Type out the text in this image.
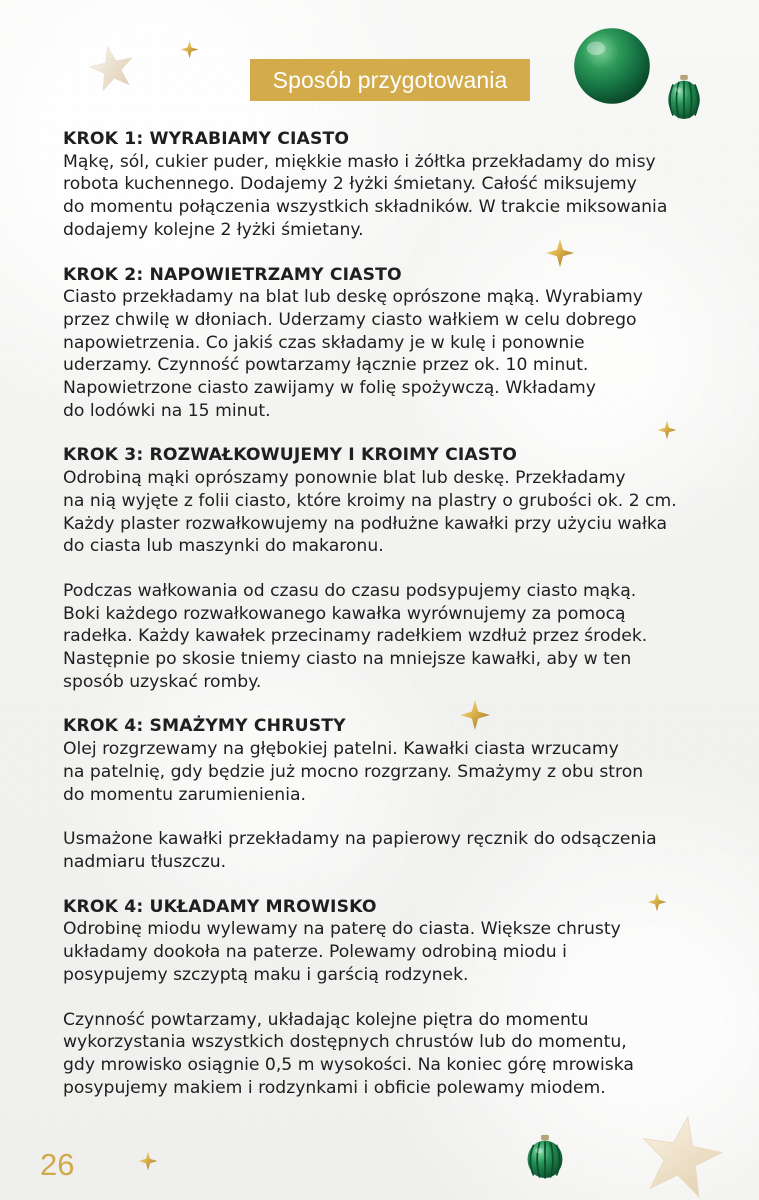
Sposób przygotowania
KROK 1: WYRABIAMY CIASTO
Mąkę, sól, cukier puder, miękkie masło i żółtka przekładamy do misy
robota kuchennego. Dodajemy 2 łyżki śmietany. Całość miksujemy
do momentu połączenia wszystkich składników. W trakcie miksowania
dodajemy kolejne 2 łyżki śmietany.
KROK 2: NAPOWIETRZAMY CIASTO
Ciasto przekładamy na blat lub deskę oprószone mąką. Wyrabiamy
przez chwilę w dłoniach. Uderzamy ciasto wałkiem w celu dobrego
napowietrzenia. Co jakiś czas składamy je w kulę i ponownie
uderzamy. Czynność powtarzamy łącznie przez ok. 10 minut.
Napowietrzone ciasto zawijamy w folię spożywczą. Wkładamy
do lodówki na 15 minut.
KROK 3: ROZWAŁKOWUJEMY I KROIMY CIASTO
Odrobiną mąki oprószamy ponownie blat lub deskę. Przekładamy
na nią wyjęte z folii ciasto, które kroimy na plastry o grubości ok. 2 cm.
Każdy plaster rozwałkowujemy na podłużne kawałki przy użyciu wałka
do ciasta lub maszynki do makaronu.
Podczas wałkowania od czasu do czasu podsypujemy ciasto mąką.
Boki każdego rozwałkowanego kawałka wyrównujemy za pomocą
radełka. Każdy kawałek przecinamy radełkiem wzdłuż przez środek.
Następnie po skosie tniemy ciasto na mniejsze kawałki, aby w ten
sposób uzyskać romby.
KROK 4: SMAŻYMY CHRUSTY
Olej rozgrzewamy na głębokiej patelni. Kawałki ciasta wrzucamy
na patelnię, gdy będzie już mocno rozgrzany. Smażymy z obu stron
do momentu zarumienienia.
Usmażone kawałki przekładamy na papierowy ręcznik do odsączenia
nadmiaru tłuszczu.
KROK 4: UKŁADAMY MROWISKO
Odrobinę miodu wylewamy na paterę do ciasta. Większe chrusty
układamy dookoła na paterze. Polewamy odrobiną miodu i
posypujemy szczyptą maku i garścią rodzynek.
Czynność powtarzamy, układając kolejne piętra do momentu
wykorzystania wszystkich dostępnych chrustów lub do momentu,
gdy mrowisko osiągnie 0,5 m wysokości. Na koniec górę mrowiska
posypujemy makiem i rodzynkami i obficie polewamy miodem.
26
